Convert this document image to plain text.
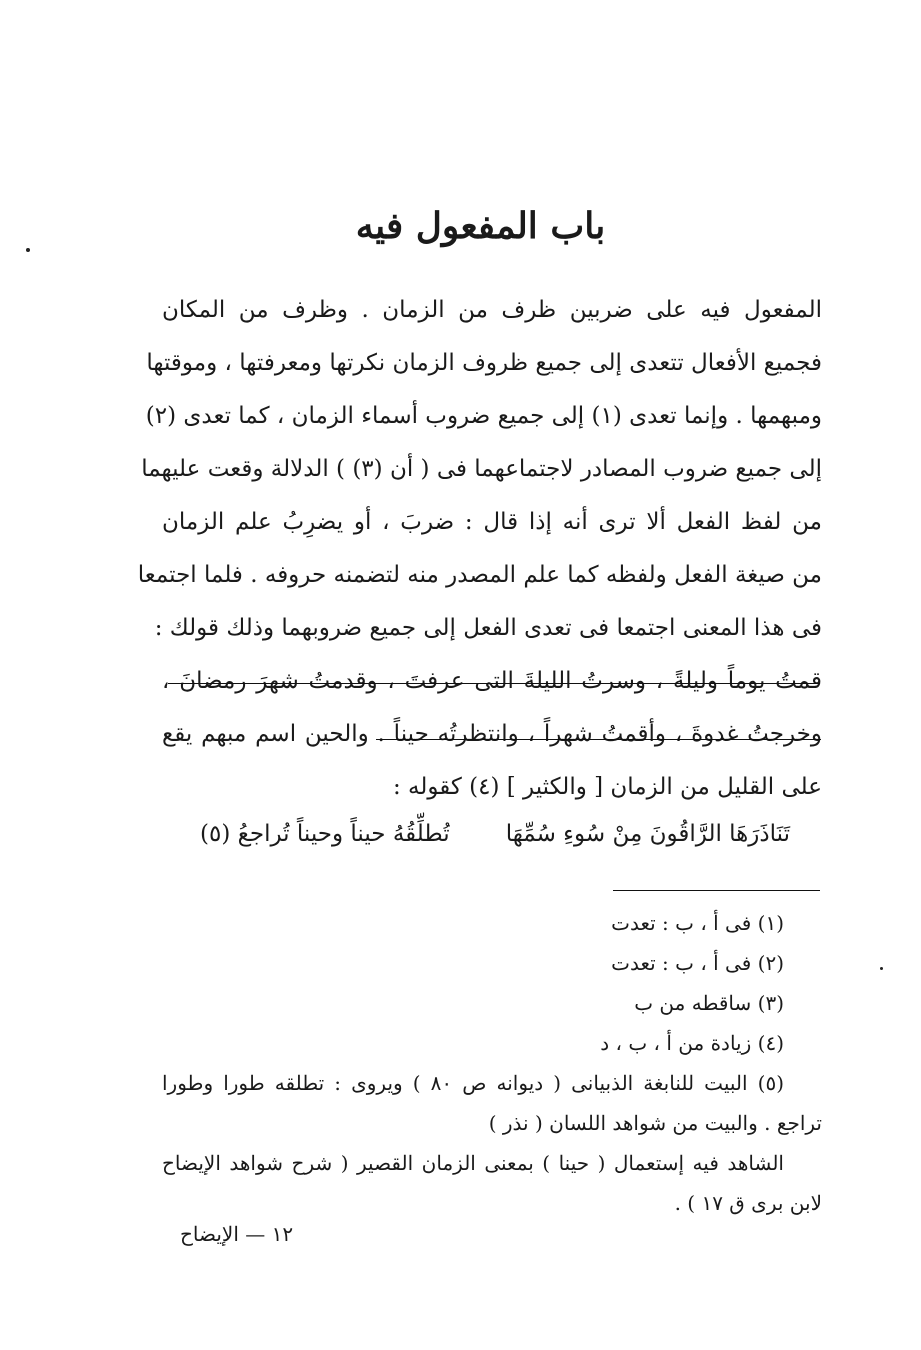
باب المفعول فيه
المفعول فيه على ضربين ظرف من الزمان . وظرف من المكان
فجميع الأفعال تتعدى إلى جميع ظروف الزمان نكرتها ومعرفتها ، وموقتها
ومبهمها . وإنما تعدى (١) إلى جميع ضروب أسماء الزمان ، كما تعدى (٢)
إلى جميع ضروب المصادر لاجتماعهما فى ( أن (٣) ) الدلالة وقعت عليهما
من لفظ الفعل ألا ترى أنه إذا قال : ضربَ ، أو يضرِبُ علم الزمان
من صيغة الفعل ولفظه كما علم المصدر منه لتضمنه حروفه . فلما اجتمعا
فى هذا المعنى اجتمعا فى تعدى الفعل إلى جميع ضروبهما وذلك قولك :
قمتُ يوماً وليلةً ، وسرتُ الليلةَ التى عرفتَ ، وقدمتُ شهرَ رمضانَ ،
وخرجتُ غدوةَ ، وأقمتُ شهراً ، وانتظرتُه حيناً . والحين اسم مبهم يقع
على القليل من الزمان [ والكثير ] (٤) كقوله :
تَنَاذَرَهَا الرَّاقُونَ مِنْ سُوءِ سُمِّهَا
تُطلِّقُهُ حيناً وحيناً تُراجعُ (٥)
(١) فى أ ، ب : تعدت
(٢) فى أ ، ب : تعدت
(٣) ساقطه من ب
(٤) زيادة من أ ، ب ، د
(٥) البيت للنابغة الذبيانى ( ديوانه ص ٨٠ ) ويروى : تطلقه طورا وطورا
تراجع . والبيت من شواهد اللسان ( نذر )
الشاهد فيه إستعمال ( حينا ) بمعنى الزمان القصير ( شرح شواهد الإيضاح
لابن برى ق ١٧ ) .
١٢ — الإيضاح
